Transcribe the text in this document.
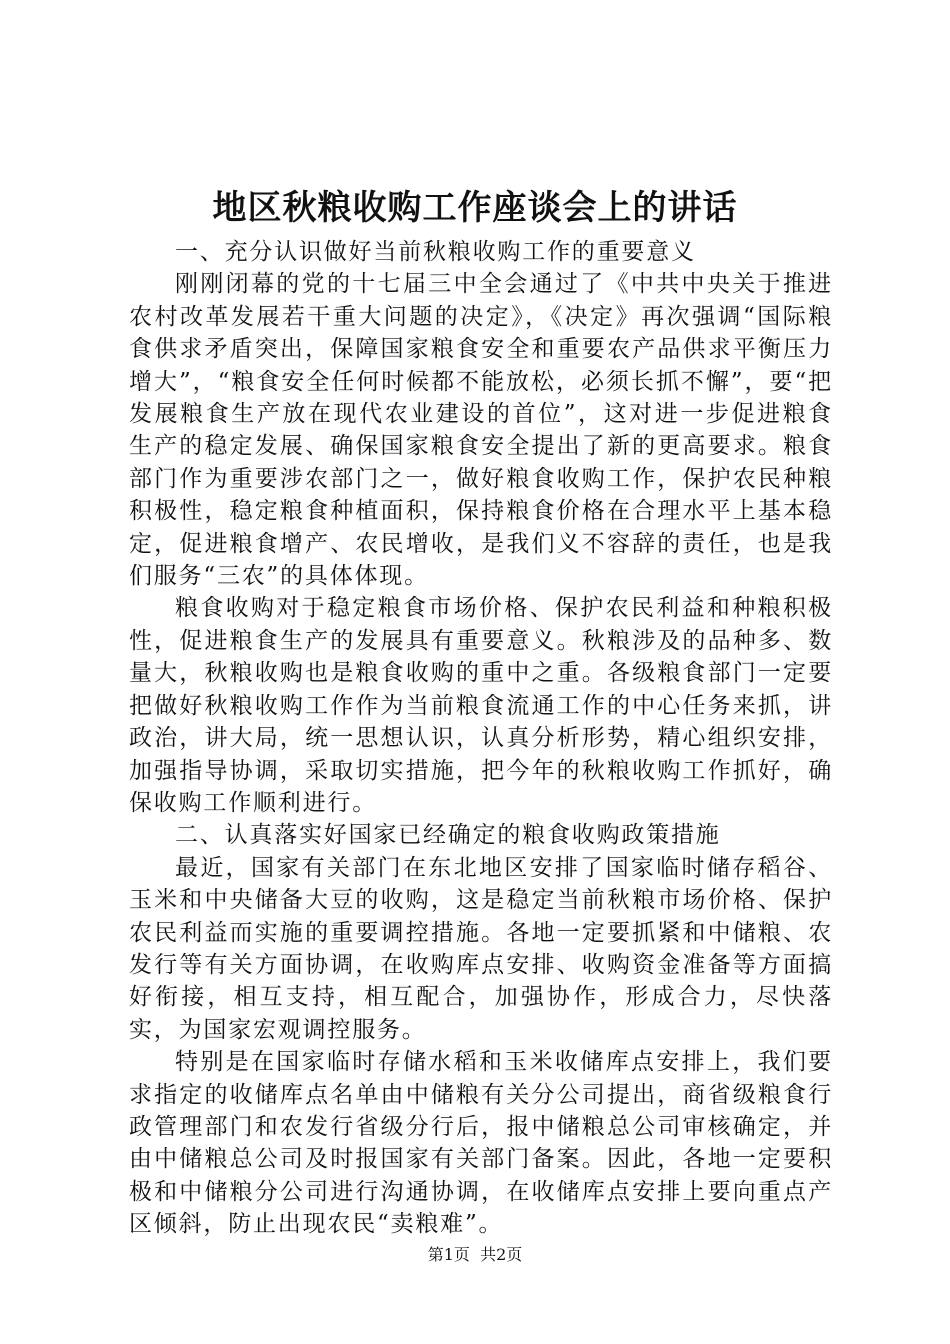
地区秋粮收购工作座谈会上的讲话

一、充分认识做好当前秋粮收购工作的重要意义

刚刚闭幕的党的十七届三中全会通过了《中共中央关于推进农村改革发展若干重大问题的决定》，《决定》再次强调“国际粮食供求矛盾突出，保障国家粮食安全和重要农产品供求平衡压力增大”，“粮食安全任何时候都不能放松，必须长抓不懈”，要“把发展粮食生产放在现代农业建设的首位”，这对进一步促进粮食生产的稳定发展、确保国家粮食安全提出了新的更高要求。粮食部门作为重要涉农部门之一，做好粮食收购工作，保护农民种粮积极性，稳定粮食种植面积，保持粮食价格在合理水平上基本稳定，促进粮食增产、农民增收，是我们义不容辞的责任，也是我们服务“三农”的具体体现。

粮食收购对于稳定粮食市场价格、保护农民利益和种粮积极性，促进粮食生产的发展具有重要意义。秋粮涉及的品种多、数量大，秋粮收购也是粮食收购的重中之重。各级粮食部门一定要把做好秋粮收购工作作为当前粮食流通工作的中心任务来抓，讲政治，讲大局，统一思想认识，认真分析形势，精心组织安排，加强指导协调，采取切实措施，把今年的秋粮收购工作抓好，确保收购工作顺利进行。

二、认真落实好国家已经确定的粮食收购政策措施

最近，国家有关部门在东北地区安排了国家临时储存稻谷、玉米和中央储备大豆的收购，这是稳定当前秋粮市场价格、保护农民利益而实施的重要调控措施。各地一定要抓紧和中储粮、农发行等有关方面协调，在收购库点安排、收购资金准备等方面搞好衔接，相互支持，相互配合，加强协作，形成合力，尽快落实，为国家宏观调控服务。

特别是在国家临时存储水稻和玉米收储库点安排上，我们要求指定的收储库点名单由中储粮有关分公司提出，商省级粮食行政管理部门和农发行省级分行后，报中储粮总公司审核确定，并由中储粮总公司及时报国家有关部门备案。因此，各地一定要积极和中储粮分公司进行沟通协调，在收储库点安排上要向重点产区倾斜，防止出现农民“卖粮难”。

第1页 共2页
